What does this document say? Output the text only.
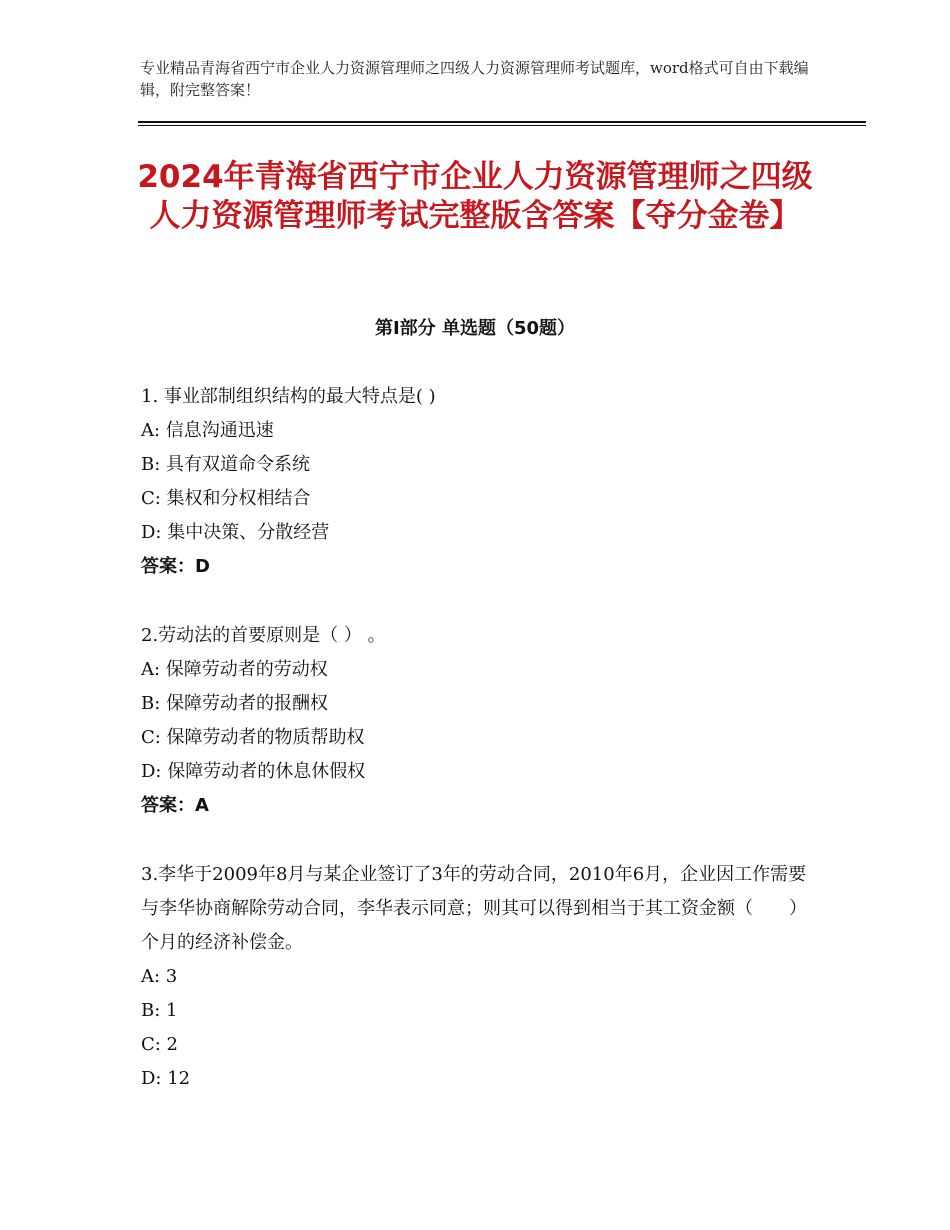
专业精品青海省西宁市企业人力资源管理师之四级人力资源管理师考试题库，word格式可自由下载编辑，附完整答案！
2024年青海省西宁市企业人力资源管理师之四级人力资源管理师考试完整版含答案【夺分金卷】
第Ⅰ部分 单选题（50题）

1. 事业部制组织结构的最大特点是( )

A: 信息沟通迅速

B: 具有双道命令系统

C: 集权和分权相结合

D: 集中决策、分散经营

答案：D

2.劳动法的首要原则是（ ） 。

A: 保障劳动者的劳动权

B: 保障劳动者的报酬权

C: 保障劳动者的物质帮助权

D: 保障劳动者的休息休假权

答案：A

3.李华于2009年8月与某企业签订了3年的劳动合同，2010年6月，企业因工作需要与李华协商解除劳动合同，李华表示同意；则其可以得到相当于其工资金额（　　）个月的经济补偿金。

A: 3

B: 1

C: 2

D: 12
